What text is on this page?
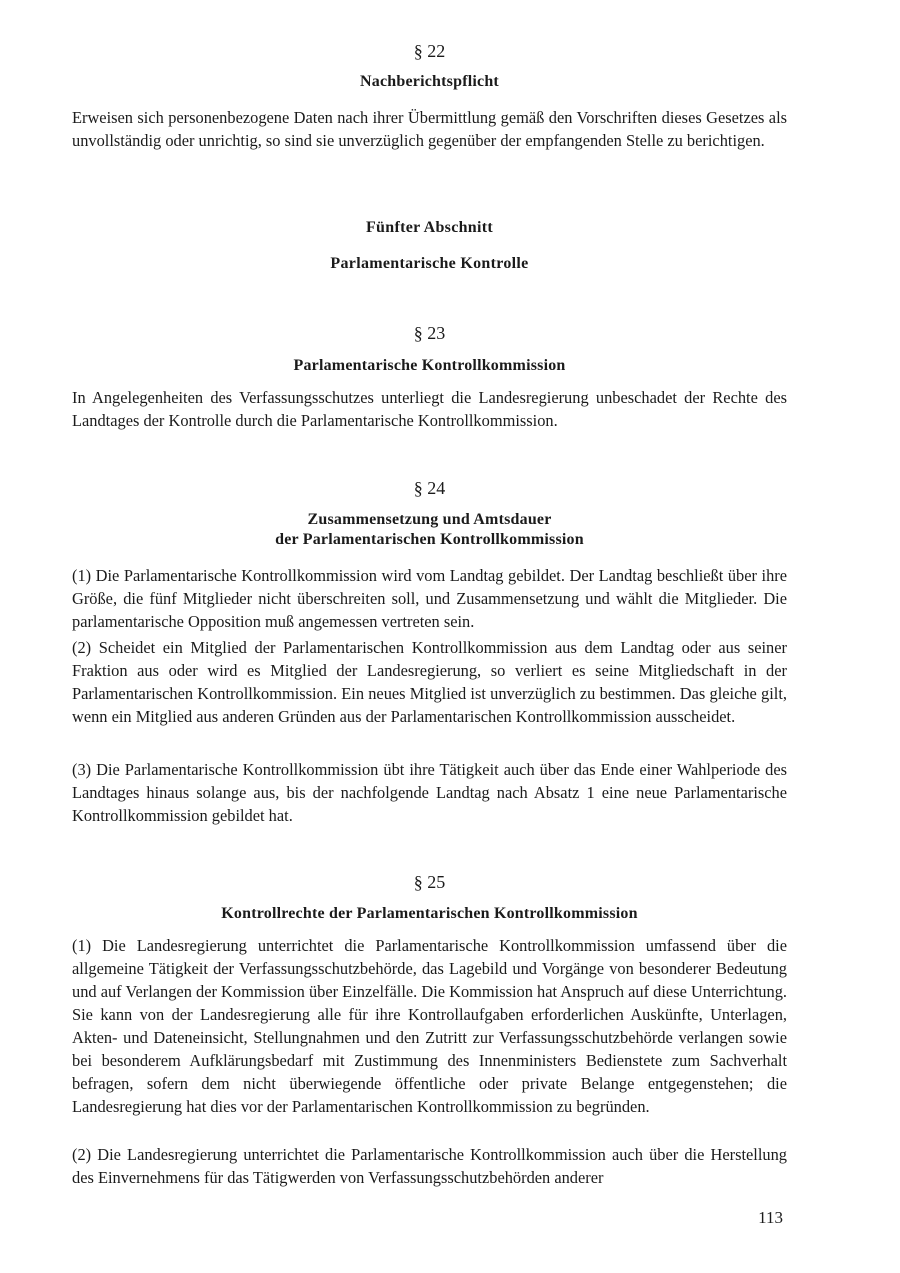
§ 22
Nachberichtspflicht

Erweisen sich personenbezogene Daten nach ihrer Übermittlung gemäß den Vorschriften dieses Gesetzes als unvollständig oder unrichtig, so sind sie unverzüglich gegenüber der empfangenden Stelle zu berichtigen.

Fünfter Abschnitt
Parlamentarische Kontrolle
§ 23
Parlamentarische Kontrollkommission

In Angelegenheiten des Verfassungsschutzes unterliegt die Landesregierung unbeschadet der Rechte des Landtages der Kontrolle durch die Parlamentarische Kontrollkommission.

§ 24
Zusammensetzung und Amtsdauer
der Parlamentarischen Kontrollkommission

(1) Die Parlamentarische Kontrollkommission wird vom Landtag gebildet. Der Landtag beschließt über ihre Größe, die fünf Mitglieder nicht überschreiten soll, und Zusammensetzung und wählt die Mitglieder. Die parlamentarische Opposition muß angemessen vertreten sein.

(2) Scheidet ein Mitglied der Parlamentarischen Kontrollkommission aus dem Landtag oder aus seiner Fraktion aus oder wird es Mitglied der Landesregierung, so verliert es seine Mitgliedschaft in der Parlamentarischen Kontrollkommission. Ein neues Mitglied ist unverzüglich zu bestimmen. Das gleiche gilt, wenn ein Mitglied aus anderen Gründen aus der Parlamentarischen Kontrollkommission ausscheidet.

(3) Die Parlamentarische Kontrollkommission übt ihre Tätigkeit auch über das Ende einer Wahlperiode des Landtages hinaus solange aus, bis der nachfolgende Landtag nach Absatz 1 eine neue Parlamentarische Kontrollkommission gebildet hat.

§ 25
Kontrollrechte der Parlamentarischen Kontrollkommission

(1) Die Landesregierung unterrichtet die Parlamentarische Kontrollkommission umfassend über die allgemeine Tätigkeit der Verfassungsschutzbehörde, das Lagebild und Vorgänge von besonderer Bedeutung und auf Verlangen der Kommission über Einzelfälle. Die Kommission hat Anspruch auf diese Unterrichtung. Sie kann von der Landesregierung alle für ihre Kontrollaufgaben erforderlichen Auskünfte, Unterlagen, Akten- und Dateneinsicht, Stellungnahmen und den Zutritt zur Verfassungsschutzbehörde verlangen sowie bei besonderem Aufklärungsbedarf mit Zustimmung des Innenministers Bedienstete zum Sachverhalt befragen, sofern dem nicht überwiegende öffentliche oder private Belange entgegenstehen; die Landesregierung hat dies vor der Parlamentarischen Kontrollkommission zu begründen.

(2) Die Landesregierung unterrichtet die Parlamentarische Kontrollkommission auch über die Herstellung des Einvernehmens für das Tätigwerden von Verfassungsschutzbehörden anderer

113
